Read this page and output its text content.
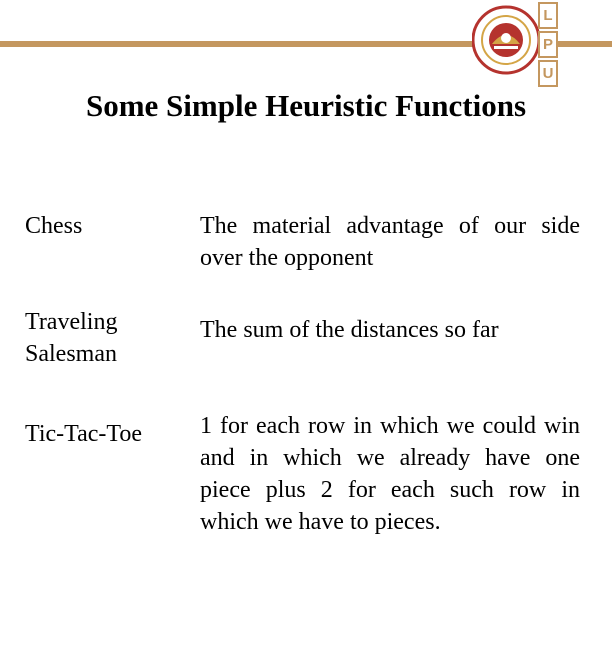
L
P
U
Some Simple Heuristic Functions
Chess	The material advantage of our side over the opponent
Traveling Salesman
The sum of the distances so far
Tic-Tac-Toe	1 for each row in which we could win and in which we already have one piece plus 2 for each such row in which we have to pieces.
